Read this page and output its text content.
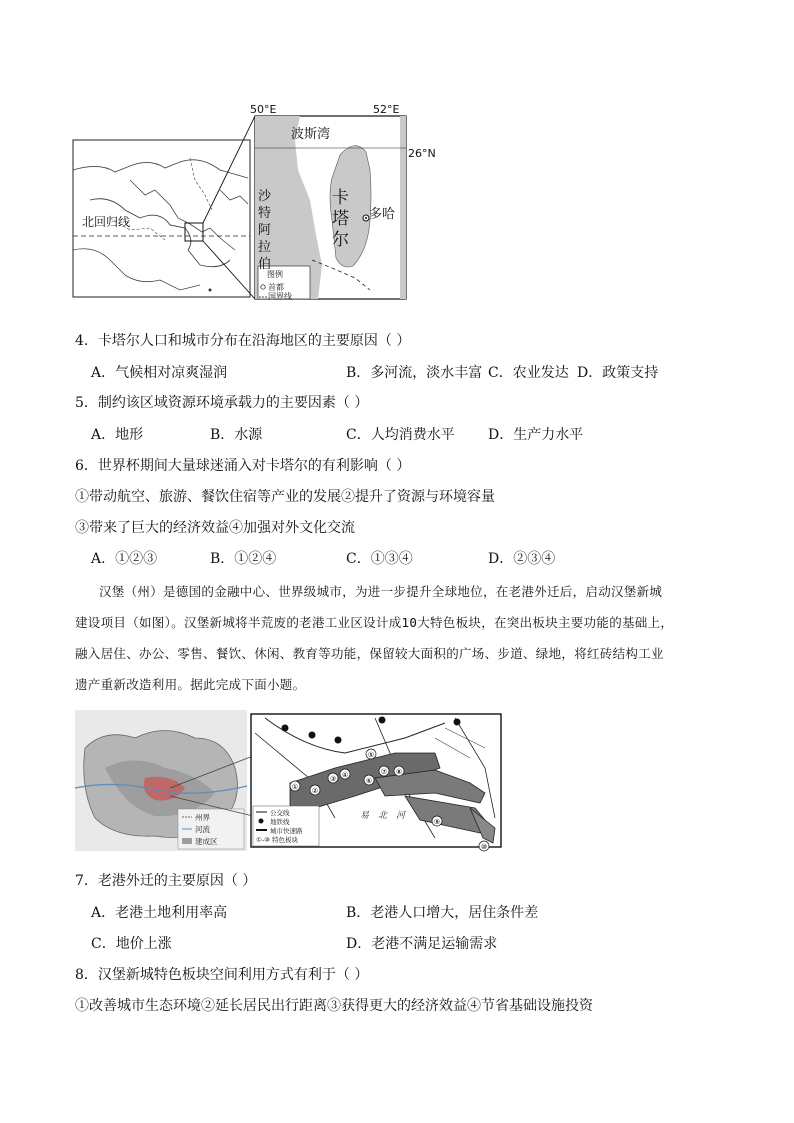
北回归线
50°E	52°E
26°N
波斯湾
多哈
图例
首都
国界线
沙特阿拉伯
卡塔尔
4．卡塔尔人口和城市分布在沿海地区的主要原因（ ）
A．气候相对凉爽湿润	B．多河流，淡水丰富 C．农业发达 D．政策支持
5．制约该区域资源环境承载力的主要因素（ ）
A．地形	B．水源	C．人均消费水平 D．生产力水平
6．世界杯期间大量球迷涌入对卡塔尔的有利影响（ ）
①带动航空、旅游、餐饮住宿等产业的发展②提升了资源与环境容量
③带来了巨大的经济效益④加强对外文化交流
A．①②③	B．①②④	C．①③④	D．②③④
汉堡（州）是德国的金融中心、世界级城市，为进一步提升全球地位，在老港外迁后，启动汉堡新城
建设项目（如图）。汉堡新城将半荒废的老港工业区设计成10大特色板块，在突出板块主要功能的基础上，
融入居住、办公、零售、餐饮、休闲、教育等功能，保留较大面积的广场、步道、绿地，将红砖结构工业
遗产重新改造利用。据此完成下面小题。
州界
河流
建成区
易　北　河
① ②
③ ④
⑤
⑥
⑦ ⑧
⑨
⑩
公交线
地铁线
城市快速路
①-⑩ 特色板块
7．老港外迁的主要原因（ ）
A．老港土地利用率高	B．老港人口增大，居住条件差
C．地价上涨	D．老港不满足运输需求
8．汉堡新城特色板块空间利用方式有利于（ ）
①改善城市生态环境②延长居民出行距离③获得更大的经济效益④节省基础设施投资
